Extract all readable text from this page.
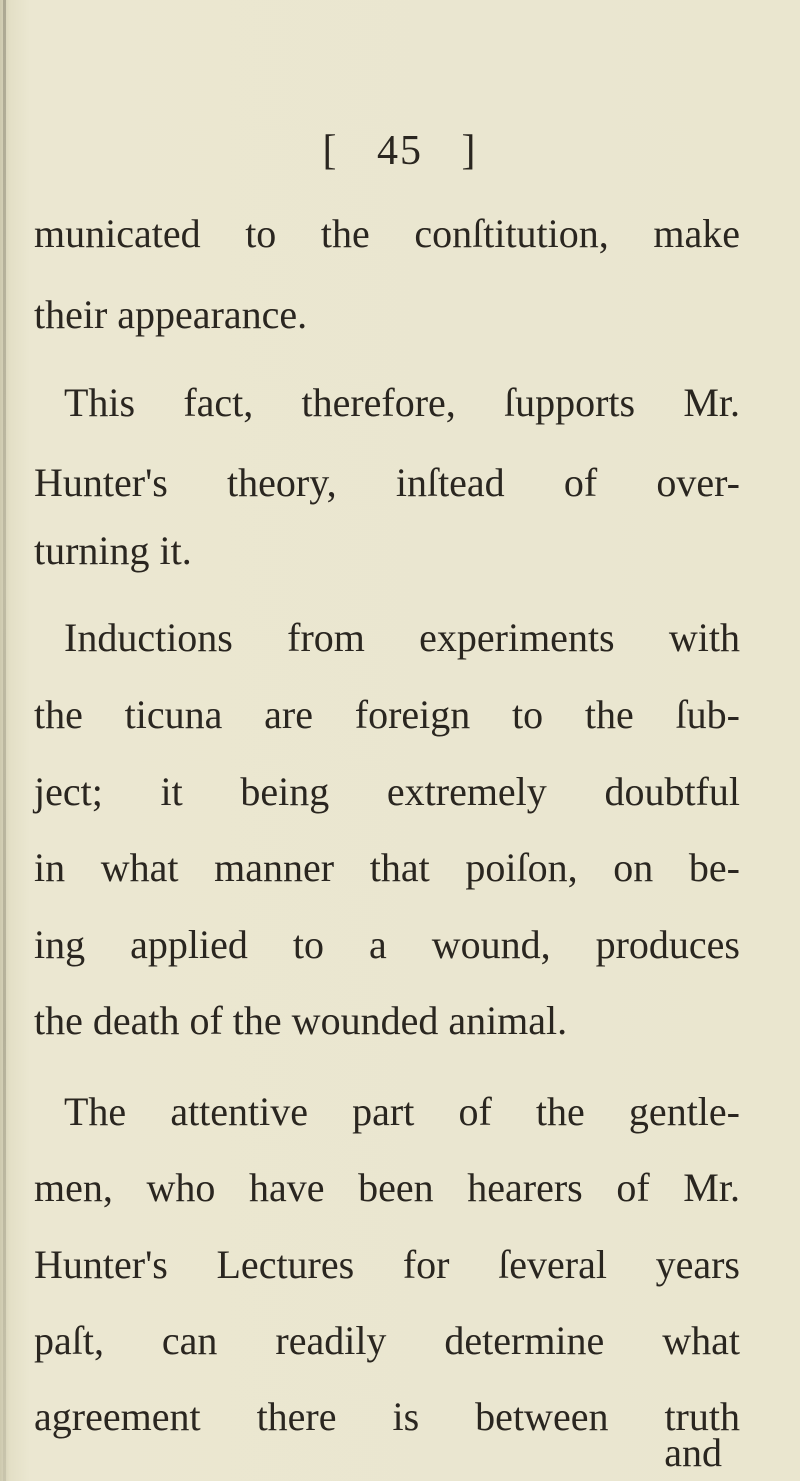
[ 45 ]
municated to the conſtitution, make
their appearance.
This fact, therefore, ſupports Mr.
Hunter's theory, inſtead of over-
turning it.
Inductions from experiments with
the ticuna are foreign to the ſub-
ject; it being extremely doubtful
in what manner that poiſon, on be-
ing applied to a wound, produces
the death of the wounded animal.
The attentive part of the gentle-
men, who have been hearers of Mr.
Hunter's Lectures for ſeveral years
paſt, can readily determine what
agreement there is between truth
and
